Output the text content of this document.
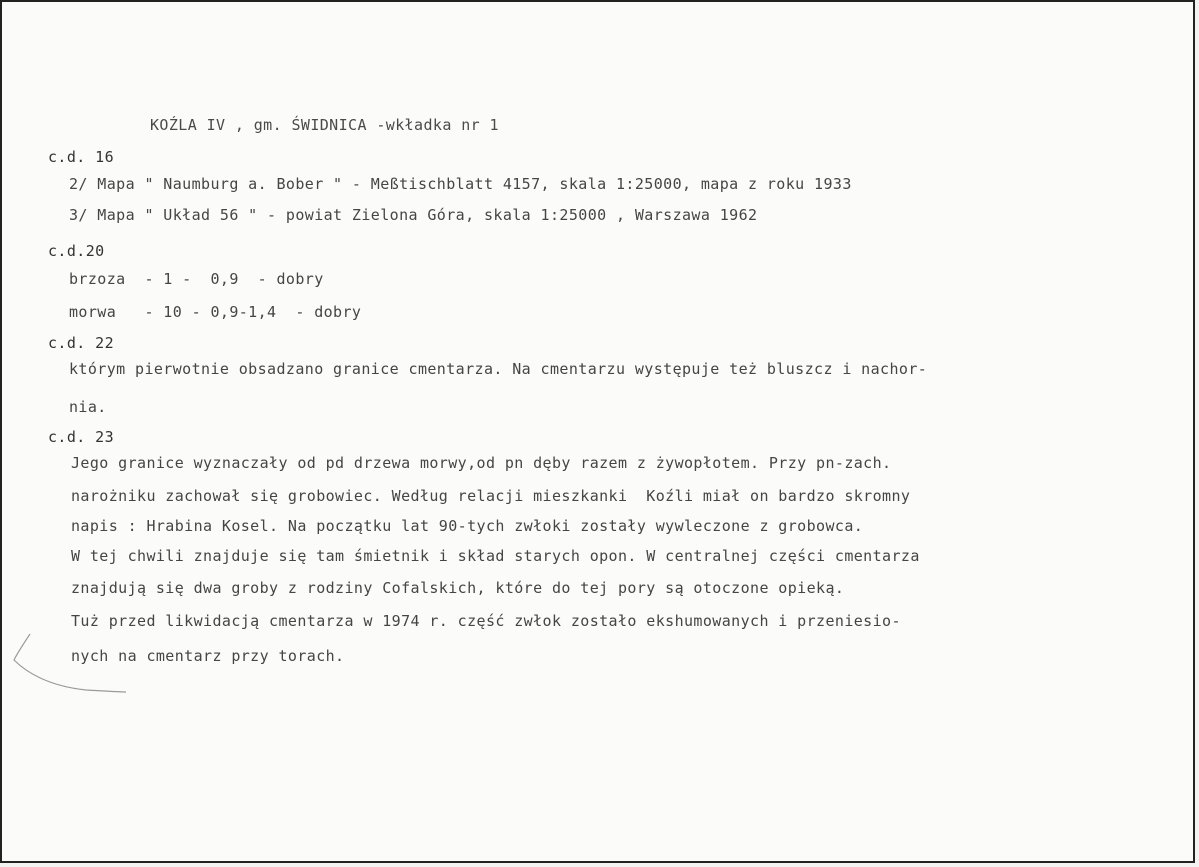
KOŹLA IV , gm. ŚWIDNICA -wkładka nr 1
c.d. 16
2/ Mapa " Naumburg a. Bober " - Meßtischblatt 4157, skala 1:25000, mapa z roku 1933
3/ Mapa " Układ 56 " - powiat Zielona Góra, skala 1:25000 , Warszawa 1962
c.d.20
brzoza  - 1 -  0,9  - dobry
morwa   - 10 - 0,9-1,4  - dobry
c.d. 22
którym pierwotnie obsadzano granice cmentarza. Na cmentarzu występuje też bluszcz i nachor-
nia.
c.d. 23
Jego granice wyznaczały od pd drzewa morwy,od pn dęby razem z żywopłotem. Przy pn-zach.
narożniku zachował się grobowiec. Według relacji mieszkanki  Koźli miał on bardzo skromny
napis : Hrabina Kosel. Na początku lat 90-tych zwłoki zostały wywleczone z grobowca.
W tej chwili znajduje się tam śmietnik i skład starych opon. W centralnej części cmentarza
znajdują się dwa groby z rodziny Cofalskich, które do tej pory są otoczone opieką.
Tuż przed likwidacją cmentarza w 1974 r. część zwłok zostało ekshumowanych i przeniesio-
nych na cmentarz przy torach.
